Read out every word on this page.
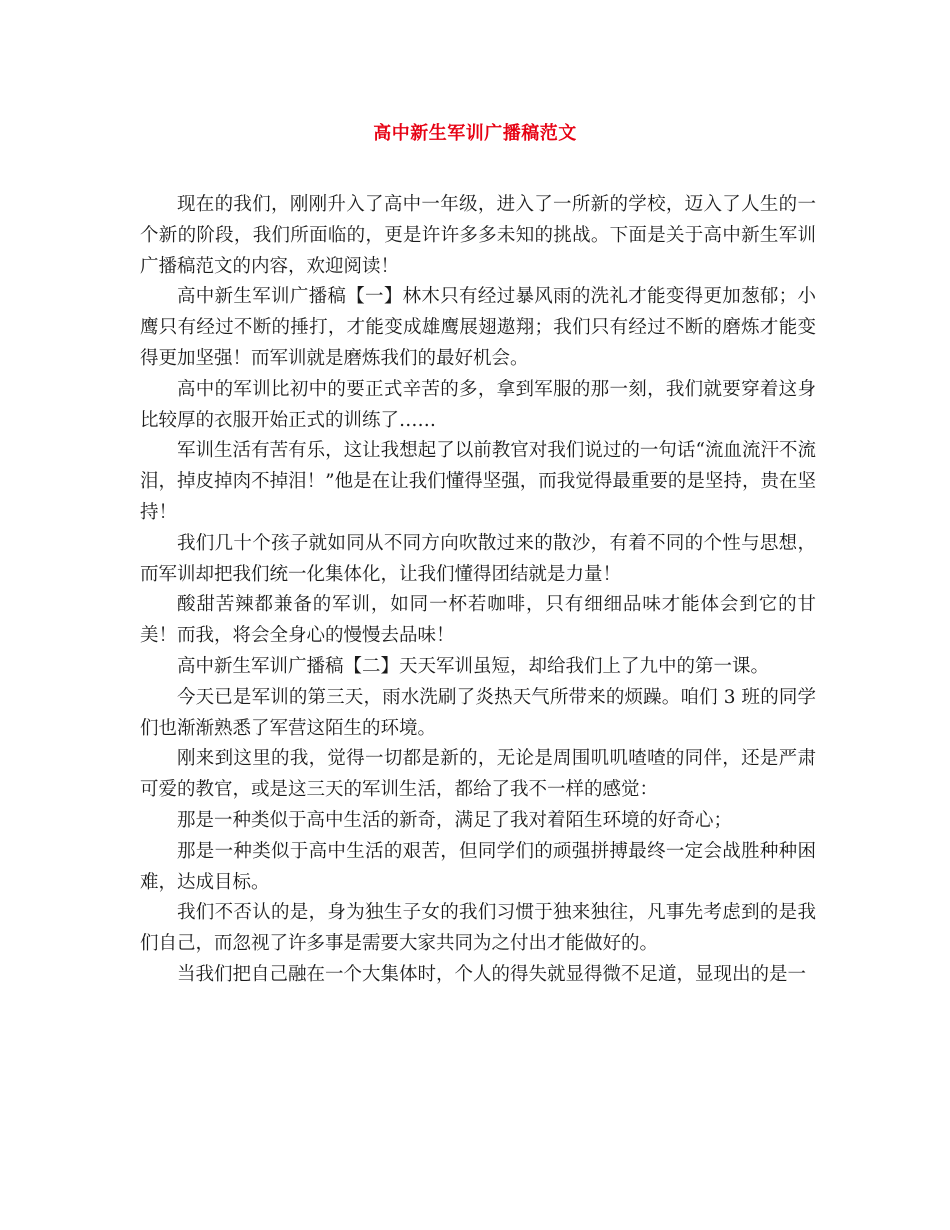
高中新生军训广播稿范文

现在的我们，刚刚升入了高中一年级，进入了一所新的学校，迈入了人生的一个新的阶段，我们所面临的，更是许许多多未知的挑战。下面是关于高中新生军训广播稿范文的内容，欢迎阅读！

高中新生军训广播稿【一】林木只有经过暴风雨的洗礼才能变得更加葱郁；小鹰只有经过不断的捶打，才能变成雄鹰展翅遨翔；我们只有经过不断的磨炼才能变得更加坚强！而军训就是磨炼我们的最好机会。

高中的军训比初中的要正式辛苦的多，拿到军服的那一刻，我们就要穿着这身比较厚的衣服开始正式的训练了……

军训生活有苦有乐，这让我想起了以前教官对我们说过的一句话“流血流汗不流泪，掉皮掉肉不掉泪！”他是在让我们懂得坚强，而我觉得最重要的是坚持，贵在坚持！

我们几十个孩子就如同从不同方向吹散过来的散沙，有着不同的个性与思想，而军训却把我们统一化集体化，让我们懂得团结就是力量！

酸甜苦辣都兼备的军训，如同一杯若咖啡，只有细细品味才能体会到它的甘美！而我，将会全身心的慢慢去品味！

高中新生军训广播稿【二】天天军训虽短，却给我们上了九中的第一课。

今天已是军训的第三天，雨水洗刷了炎热天气所带来的烦躁。咱们 3 班的同学们也渐渐熟悉了军营这陌生的环境。

刚来到这里的我，觉得一切都是新的，无论是周围叽叽喳喳的同伴，还是严肃可爱的教官，或是这三天的军训生活，都给了我不一样的感觉：

那是一种类似于高中生活的新奇，满足了我对着陌生环境的好奇心；

那是一种类似于高中生活的艰苦，但同学们的顽强拼搏最终一定会战胜种种困难，达成目标。

我们不否认的是，身为独生子女的我们习惯于独来独往，凡事先考虑到的是我们自己，而忽视了许多事是需要大家共同为之付出才能做好的。

当我们把自己融在一个大集体时，个人的得失就显得微不足道，显现出的是一
